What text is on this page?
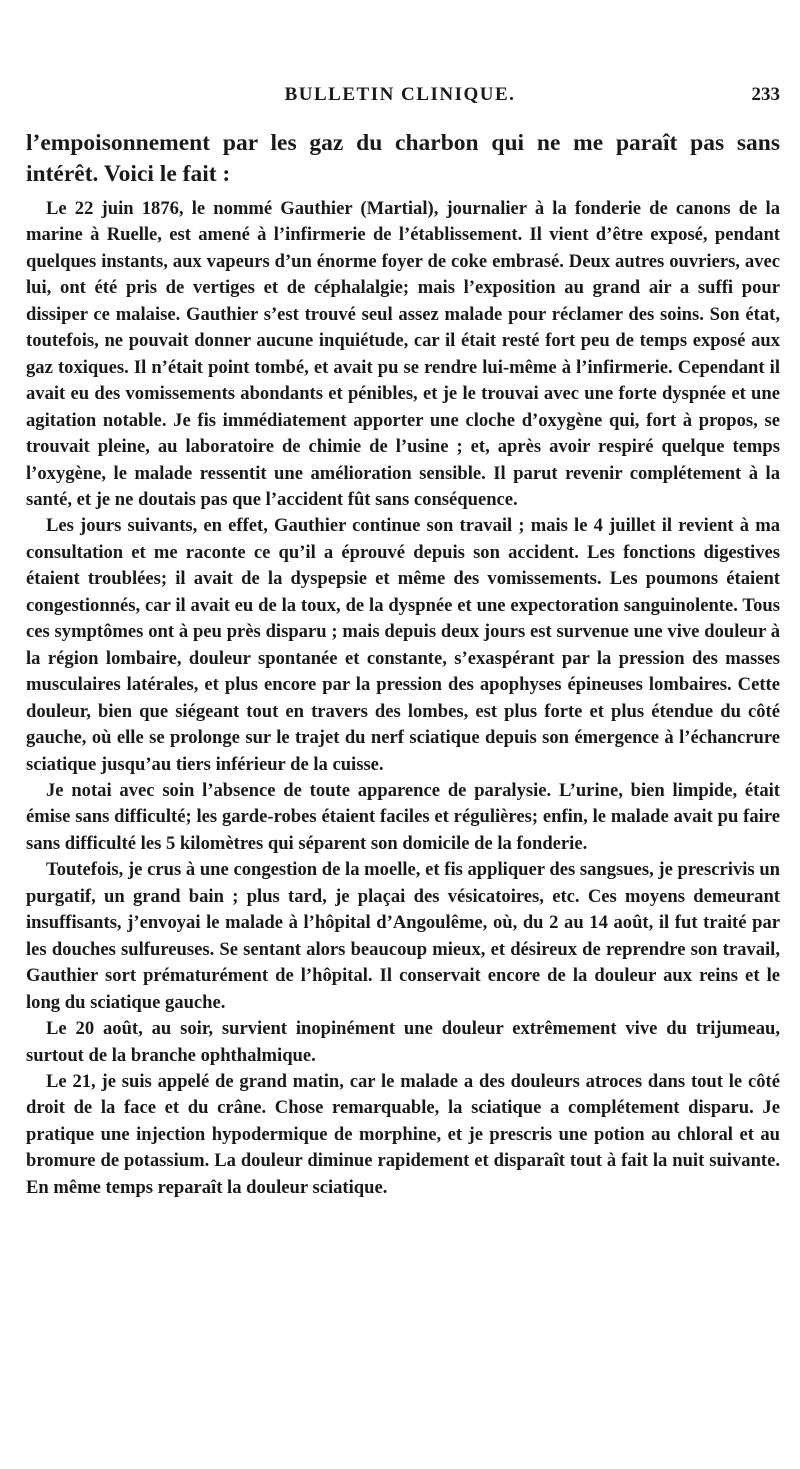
BULLETIN CLINIQUE.	233

l’empoisonnement par les gaz du charbon qui ne me paraît pas sans intérêt. Voici le fait :

Le 22 juin 1876, le nommé Gauthier (Martial), journalier à la fonderie de canons de la marine à Ruelle, est amené à l’infirmerie de l’établissement. Il vient d’être exposé, pendant quelques instants, aux vapeurs d’un énorme foyer de coke embrasé. Deux autres ouvriers, avec lui, ont été pris de vertiges et de céphalalgie; mais l’exposition au grand air a suffi pour dissiper ce malaise. Gauthier s’est trouvé seul assez malade pour réclamer des soins. Son état, toutefois, ne pouvait donner aucune inquiétude, car il était resté fort peu de temps exposé aux gaz toxiques. Il n’était point tombé, et avait pu se rendre lui-même à l’infirmerie. Cependant il avait eu des vomissements abondants et pénibles, et je le trouvai avec une forte dyspnée et une agitation notable. Je fis immédiatement apporter une cloche d’oxygène qui, fort à propos, se trouvait pleine, au laboratoire de chimie de l’usine ; et, après avoir respiré quelque temps l’oxygène, le malade ressentit une amélioration sensible. Il parut revenir complétement à la santé, et je ne doutais pas que l’accident fût sans conséquence.

Les jours suivants, en effet, Gauthier continue son travail ; mais le 4 juillet il revient à ma consultation et me raconte ce qu’il a éprouvé depuis son accident. Les fonctions digestives étaient troublées; il avait de la dyspepsie et même des vomissements. Les poumons étaient congestionnés, car il avait eu de la toux, de la dyspnée et une expectoration sanguinolente. Tous ces symptômes ont à peu près disparu ; mais depuis deux jours est survenue une vive douleur à la région lombaire, douleur spontanée et constante, s’exaspérant par la pression des masses musculaires latérales, et plus encore par la pression des apophyses épineuses lombaires. Cette douleur, bien que siégeant tout en travers des lombes, est plus forte et plus étendue du côté gauche, où elle se prolonge sur le trajet du nerf sciatique depuis son émergence à l’échancrure sciatique jusqu’au tiers inférieur de la cuisse.

Je notai avec soin l’absence de toute apparence de paralysie. L’urine, bien limpide, était émise sans difficulté; les garde-robes étaient faciles et régulières; enfin, le malade avait pu faire sans difficulté les 5 kilomètres qui séparent son domicile de la fonderie.

Toutefois, je crus à une congestion de la moelle, et fis appliquer des sangsues, je prescrivis un purgatif, un grand bain ; plus tard, je plaçai des vésicatoires, etc. Ces moyens demeurant insuffisants, j’envoyai le malade à l’hôpital d’Angoulême, où, du 2 au 14 août, il fut traité par les douches sulfureuses. Se sentant alors beaucoup mieux, et désireux de reprendre son travail, Gauthier sort prématurément de l’hôpital. Il conservait encore de la douleur aux reins et le long du sciatique gauche.

Le 20 août, au soir, survient inopinément une douleur extrêmement vive du trijumeau, surtout de la branche ophthalmique.

Le 21, je suis appelé de grand matin, car le malade a des douleurs atroces dans tout le côté droit de la face et du crâne. Chose remarquable, la sciatique a complétement disparu. Je pratique une injection hypodermique de morphine, et je prescris une potion au chloral et au bromure de potassium. La douleur diminue rapidement et disparaît tout à fait la nuit suivante. En même temps reparaît la douleur sciatique.
